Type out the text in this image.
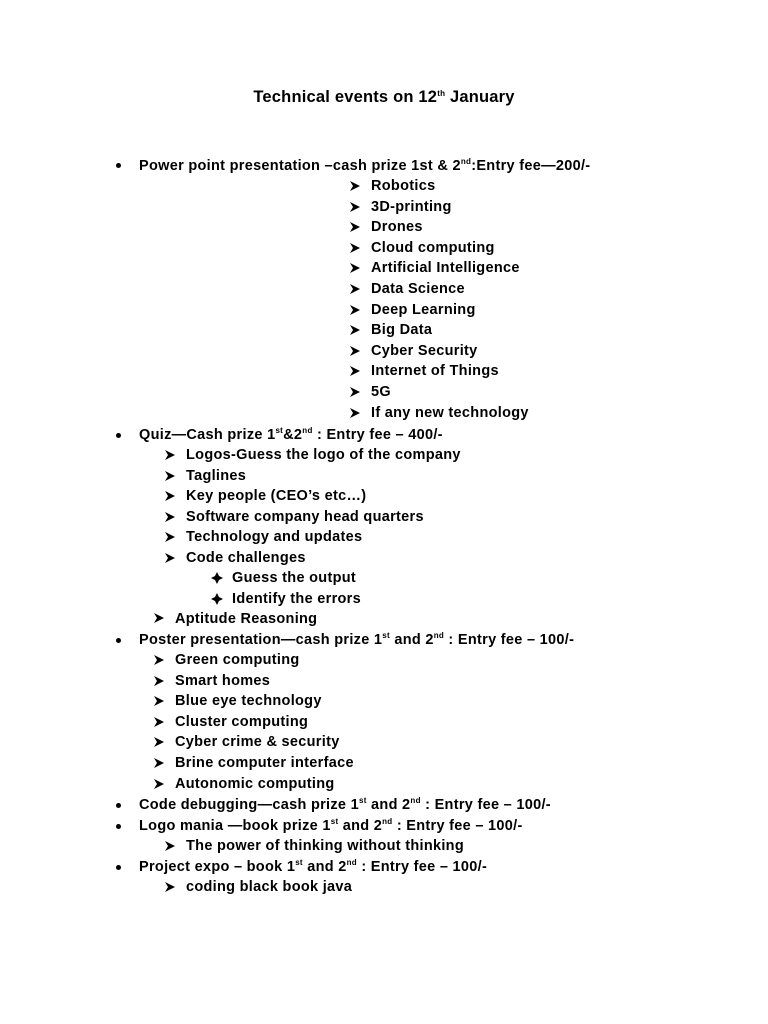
Technical events on 12th January
Power point presentation –cash prize 1st & 2nd:Entry fee—200/-
Robotics
3D-printing
Drones
Cloud computing
Artificial Intelligence
Data Science
Deep Learning
Big Data
Cyber Security
Internet of Things
5G
If any new technology
Quiz—Cash prize 1st&2nd : Entry fee – 400/-
Logos-Guess the logo of the company
Taglines
Key people (CEO’s etc…)
Software company head quarters
Technology and updates
Code challenges
Guess the output
Identify the errors
Aptitude Reasoning
Poster presentation—cash prize 1st and 2nd : Entry fee – 100/-
Green computing
Smart homes
Blue eye technology
Cluster computing
Cyber crime & security
Brine computer interface
Autonomic computing
Code debugging—cash prize 1st and 2nd : Entry fee – 100/-
Logo mania —book prize 1st and 2nd : Entry fee – 100/-
The power of thinking without thinking
Project expo – book 1st and 2nd : Entry fee – 100/-
coding black book java
